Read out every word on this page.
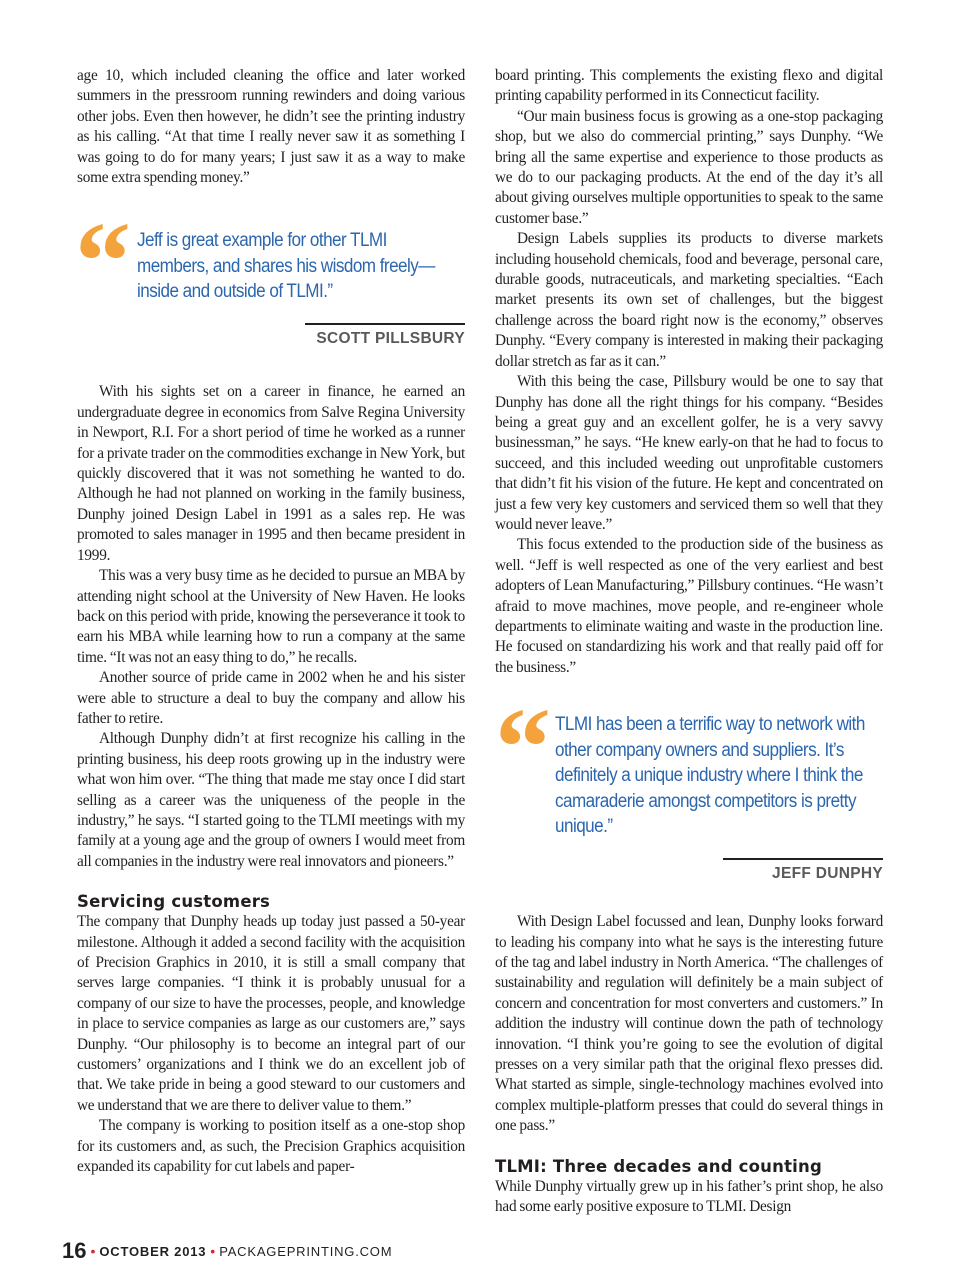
age 10, which included cleaning the office and later worked summers in the pressroom running rewinders and doing various other jobs. Even then however, he didn’t see the printing industry as his calling. “At that time I really never saw it as something I was going to do for many years; I just saw it as a way to make some extra spending money.”

“ Jeff is great example for other TLMI members, and shares his wisdom freely—inside and outside of TLMI.”
SCOTT PILLSBURY

With his sights set on a career in finance, he earned an undergraduate degree in economics from Salve Regina University in Newport, R.I. For a short period of time he worked as a runner for a private trader on the commodities exchange in New York, but quickly discovered that it was not something he wanted to do. Although he had not planned on working in the family business, Dunphy joined Design Label in 1991 as a sales rep. He was promoted to sales manager in 1995 and then became president in 1999.

This was a very busy time as he decided to pursue an MBA by attending night school at the University of New Haven. He looks back on this period with pride, knowing the perseverance it took to earn his MBA while learning how to run a company at the same time. “It was not an easy thing to do,” he recalls.

Another source of pride came in 2002 when he and his sister were able to structure a deal to buy the company and allow his father to retire.

Although Dunphy didn’t at first recognize his calling in the printing business, his deep roots growing up in the industry were what won him over. “The thing that made me stay once I did start selling as a career was the uniqueness of the people in the industry,” he says. “I started going to the TLMI meetings with my family at a young age and the group of owners I would meet from all companies in the industry were real innovators and pioneers.”

Servicing customers

The company that Dunphy heads up today just passed a 50-year milestone. Although it added a second facility with the acquisition of Precision Graphics in 2010, it is still a small company that serves large companies. “I think it is probably unusual for a company of our size to have the processes, people, and knowledge in place to service companies as large as our customers are,” says Dunphy. “Our philosophy is to become an integral part of our customers’ organizations and I think we do an excellent job of that. We take pride in being a good steward to our customers and we understand that we are there to deliver value to them.”

The company is working to position itself as a one-stop shop for its customers and, as such, the Precision Graphics acquisition expanded its capability for cut labels and paper-

board printing. This complements the existing flexo and digital printing capability performed in its Connecticut facility.

“Our main business focus is growing as a one-stop packaging shop, but we also do commercial printing,” says Dunphy. “We bring all the same expertise and experience to those products as we do to our packaging products. At the end of the day it’s all about giving ourselves multiple opportunities to speak to the same customer base.”

Design Labels supplies its products to diverse markets including household chemicals, food and beverage, personal care, durable goods, nutraceuticals, and marketing specialties. “Each market presents its own set of challenges, but the biggest challenge across the board right now is the economy,” observes Dunphy. “Every company is interested in making their packaging dollar stretch as far as it can.”

With this being the case, Pillsbury would be one to say that Dunphy has done all the right things for his company. “Besides being a great guy and an excellent golfer, he is a very savvy businessman,” he says. “He knew early-on that he had to focus to succeed, and this included weeding out unprofitable customers that didn’t fit his vision of the future. He kept and concentrated on just a few very key customers and serviced them so well that they would never leave.”

This focus extended to the production side of the business as well. “Jeff is well respected as one of the very earliest and best adopters of Lean Manufacturing,” Pillsbury continues. “He wasn’t afraid to move machines, move people, and re-engineer whole departments to eliminate waiting and waste in the production line. He focused on standardizing his work and that really paid off for the business.”

“ TLMI has been a terrific way to network with other company owners and suppliers. It’s definitely a unique industry where I think the camaraderie amongst competitors is pretty unique.”
JEFF DUNPHY

With Design Label focussed and lean, Dunphy looks forward to leading his company into what he says is the interesting future of the tag and label industry in North America. “The challenges of sustainability and regulation will definitely be a main subject of concern and concentration for most converters and customers.” In addition the industry will continue down the path of technology innovation. “I think you’re going to see the evolution of digital presses on a very similar path that the original flexo presses did. What started as simple, single-technology machines evolved into complex multiple-platform presses that could do several things in one pass.”

TLMI: Three decades and counting

While Dunphy virtually grew up in his father’s print shop, he also had some early positive exposure to TLMI. Design

16 • OCTOBER 2013 • PACKAGEPRINTING.COM
